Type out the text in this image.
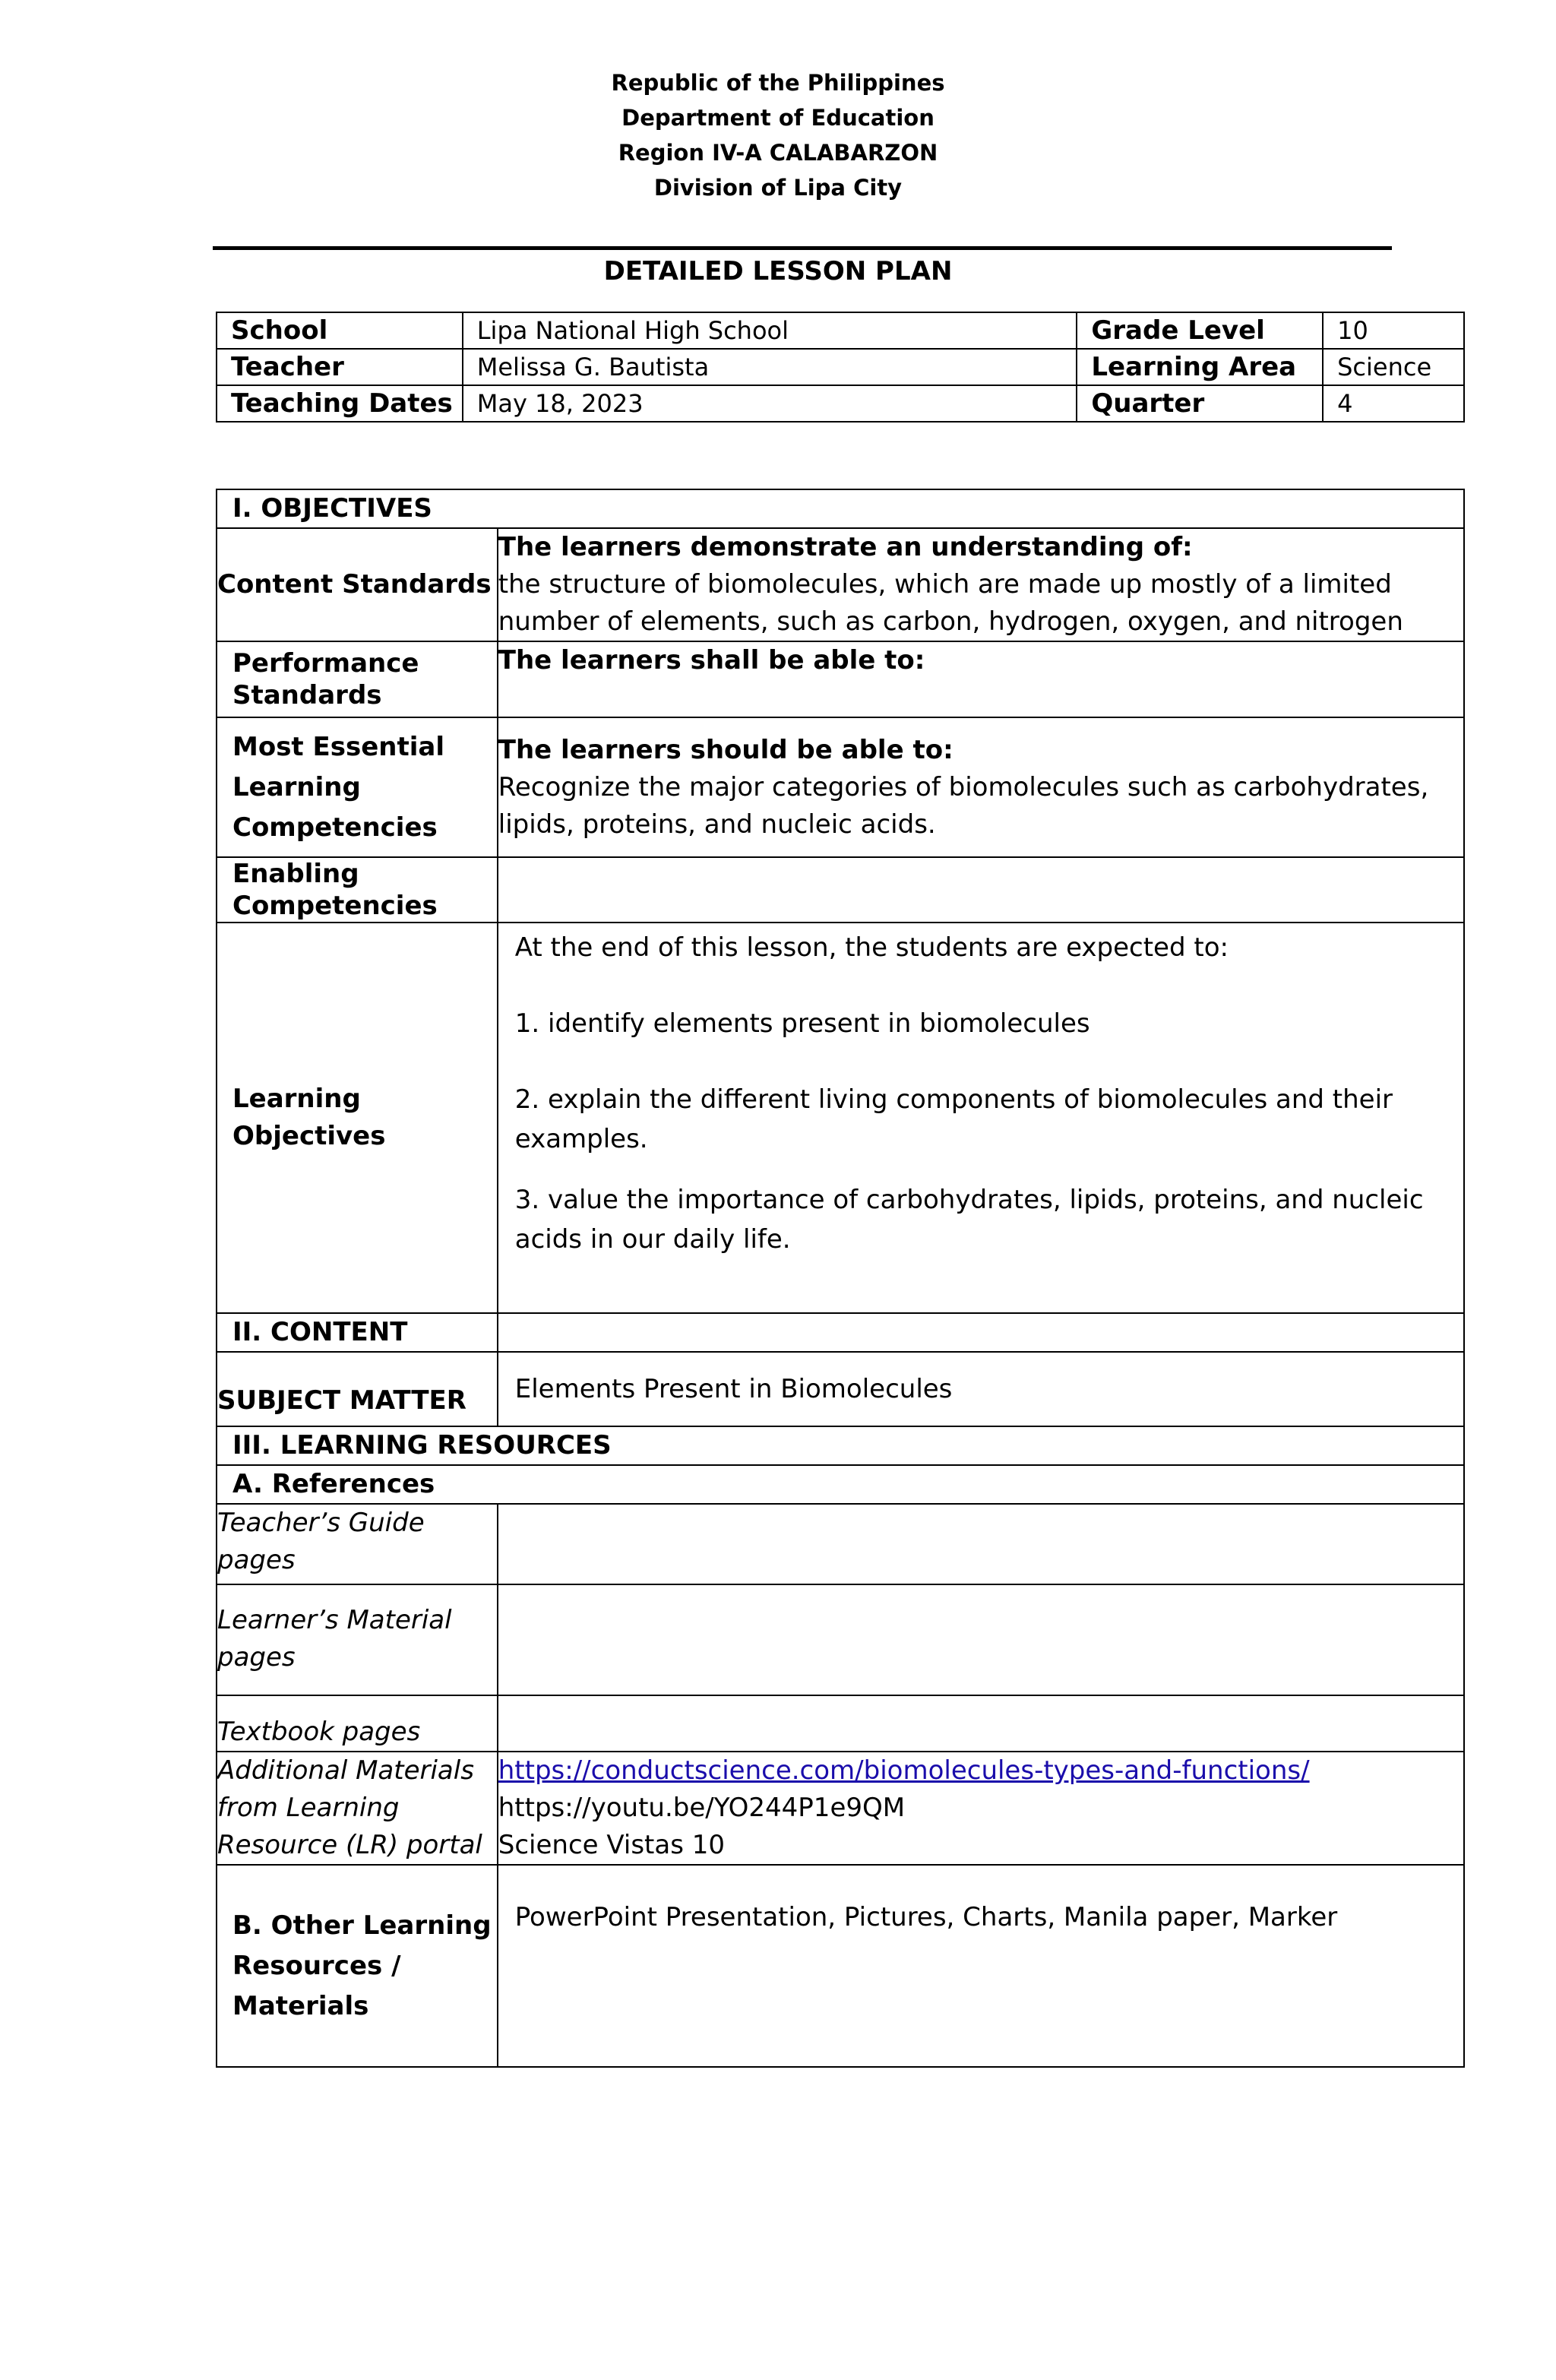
Republic of the Philippines
Department of Education
Region IV-A CALABARZON
Division of Lipa City
DETAILED LESSON PLAN
School	Lipa National High School	Grade Level	10
Teacher	Melissa G. Bautista	Learning Area	Science
Teaching Dates	May 18, 2023	Quarter	4
I. OBJECTIVES	
Content Standards	The learners demonstrate an understanding of:
the structure of biomolecules, which are made up mostly of a limited number of elements, such as carbon, hydrogen, oxygen, and nitrogen

Performance Standards	The learners shall be able to:

Most Essential Learning Competencies	The learners should be able to:
Recognize the major categories of biomolecules such as carbohydrates, lipids, proteins, and nucleic acids.

Enabling Competencies	
Learning Objectives	At the end of this lesson, the students are expected to:

1. identify elements present in biomolecules

2. explain the different living components of biomolecules and their examples.

3. value the importance of carbohydrates, lipids, proteins, and nucleic acids in our daily life.

II. CONTENT	
SUBJECT MATTER	Elements Present in Biomolecules
III. LEARNING RESOURCES	
A. References	
Teacher’s Guide pages	
Learner’s Material pages	
Textbook pages	
Additional Materials from Learning Resource (LR) portal	https://conductscience.com/biomolecules-types-and-functions/
https://youtu.be/YO244P1e9QM
Science Vistas 10

B. Other Learning Resources / Materials	PowerPoint Presentation, Pictures, Charts, Manila paper, Marker
